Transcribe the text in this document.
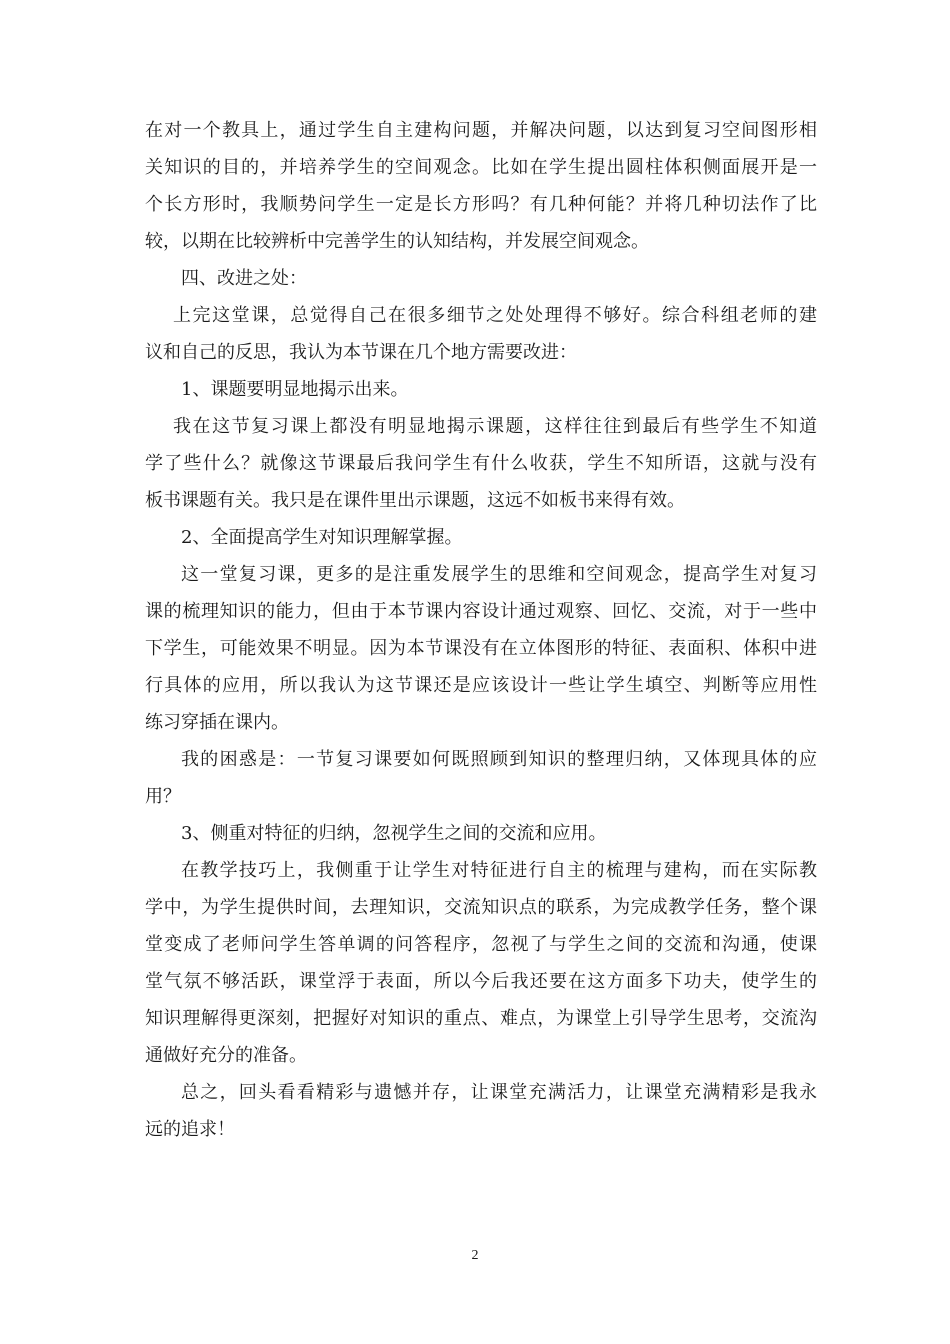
在对一个教具上，通过学生自主建构问题，并解决问题，以达到复习空间图形相
关知识的目的，并培养学生的空间观念。比如在学生提出圆柱体积侧面展开是一
个长方形时，我顺势问学生一定是长方形吗？有几种何能？并将几种切法作了比
较，以期在比较辨析中完善学生的认知结构，并发展空间观念。
四、改进之处：
上完这堂课，总觉得自己在很多细节之处处理得不够好。综合科组老师的建
议和自己的反思，我认为本节课在几个地方需要改进：
1、课题要明显地揭示出来。
我在这节复习课上都没有明显地揭示课题，这样往往到最后有些学生不知道
学了些什么？就像这节课最后我问学生有什么收获，学生不知所语，这就与没有
板书课题有关。我只是在课件里出示课题，这远不如板书来得有效。
2、全面提高学生对知识理解掌握。
这一堂复习课，更多的是注重发展学生的思维和空间观念，提高学生对复习
课的梳理知识的能力，但由于本节课内容设计通过观察、回忆、交流，对于一些中
下学生，可能效果不明显。因为本节课没有在立体图形的特征、表面积、体积中进
行具体的应用，所以我认为这节课还是应该设计一些让学生填空、判断等应用性
练习穿插在课内。
我的困惑是：一节复习课要如何既照顾到知识的整理归纳，又体现具体的应
用？
3、侧重对特征的归纳，忽视学生之间的交流和应用。
在教学技巧上，我侧重于让学生对特征进行自主的梳理与建构，而在实际教
学中，为学生提供时间，去理知识，交流知识点的联系，为完成教学任务，整个课
堂变成了老师问学生答单调的问答程序，忽视了与学生之间的交流和沟通，使课
堂气氛不够活跃，课堂浮于表面，所以今后我还要在这方面多下功夫，使学生的
知识理解得更深刻，把握好对知识的重点、难点，为课堂上引导学生思考，交流沟
通做好充分的准备。
总之，回头看看精彩与遗憾并存，让课堂充满活力，让课堂充满精彩是我永
远的追求！
2
